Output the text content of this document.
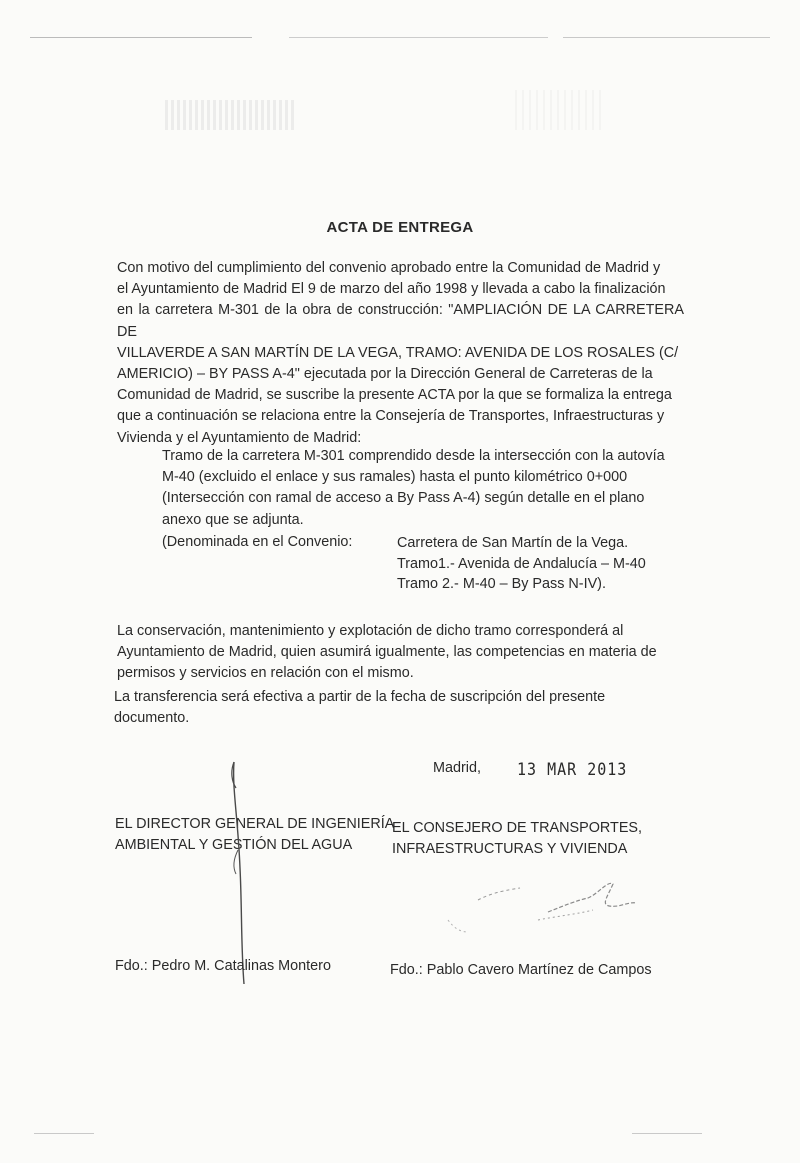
ACTA DE ENTREGA
Con motivo del cumplimiento del convenio aprobado entre la Comunidad de Madrid y
el Ayuntamiento de Madrid El 9 de marzo del año 1998 y llevada a cabo la finalización
en la carretera M-301 de la obra de construcción: "AMPLIACIÓN DE LA CARRETERA DE
VILLAVERDE A SAN MARTÍN DE LA VEGA, TRAMO: AVENIDA DE LOS ROSALES (C/
AMERICIO) – BY PASS A-4" ejecutada por la Dirección General de Carreteras de la
Comunidad de Madrid, se suscribe la presente ACTA por la que se formaliza la entrega
que a continuación se relaciona entre la Consejería de Transportes, Infraestructuras y
Vivienda y el Ayuntamiento de Madrid:
Tramo de la carretera M-301 comprendido desde la intersección con la autovía
M-40 (excluido el enlace y sus ramales) hasta el punto kilométrico 0+000
(Intersección con ramal de acceso a By Pass A-4) según detalle en el plano
anexo que se adjunta.
(Denominada en el Convenio:	Carretera de San Martín de la Vega.
Tramo1.- Avenida de Andalucía – M-40
Tramo 2.- M-40 – By Pass N-IV).
La conservación, mantenimiento y explotación de dicho tramo corresponderá al
Ayuntamiento de Madrid, quien asumirá igualmente, las competencias en materia de
permisos y servicios en relación con el mismo.
La transferencia será efectiva a partir de la fecha de suscripción del presente
documento.
Madrid, 13 MAR 2013
EL DIRECTOR GENERAL DE INGENIERÍA
AMBIENTAL Y GESTIÓN DEL AGUA
EL CONSEJERO DE TRANSPORTES,
INFRAESTRUCTURAS Y VIVIENDA
Fdo.: Pedro M. Catalinas Montero	Fdo.: Pablo Cavero Martínez de Campos
